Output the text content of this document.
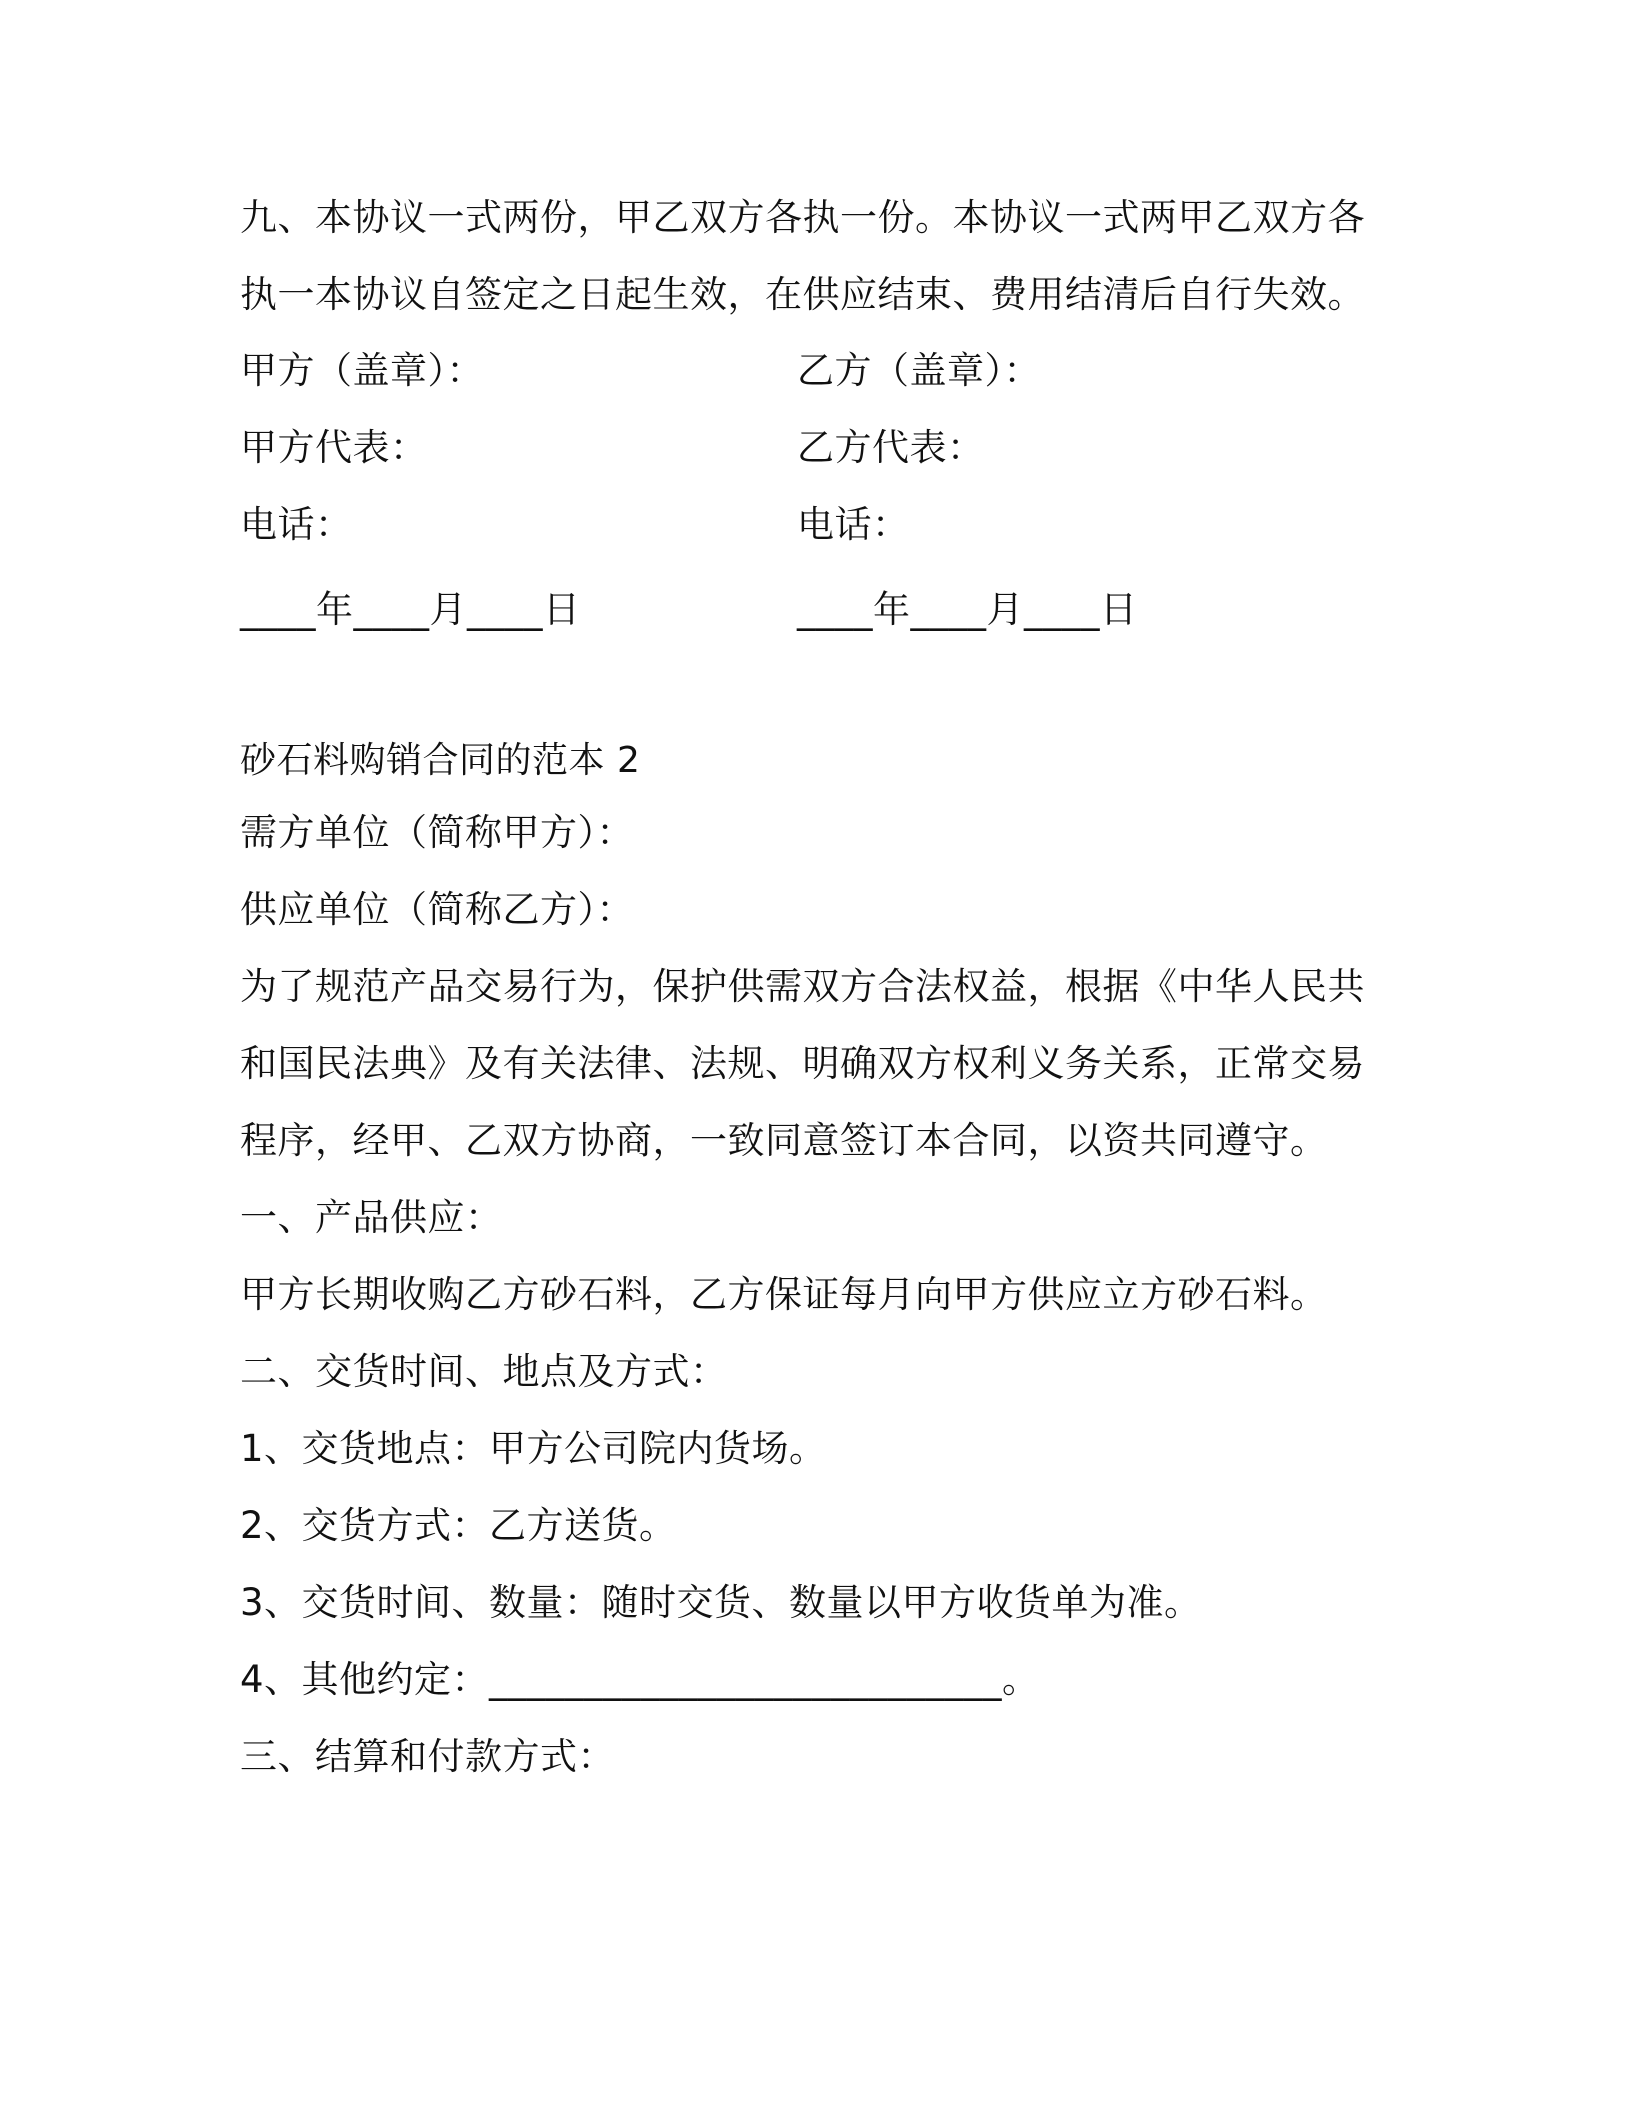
九、本协议一式两份，甲乙双方各执一份。本协议一式两甲乙双方各
执一本协议自签定之日起生效，在供应结束、费用结清后自行失效。
甲方（盖章）：	乙方（盖章）：
甲方代表：	乙方代表：
电话：	电话：
____年____月____日	____年____月____日
砂石料购销合同的范本 2
需方单位（简称甲方）：
供应单位（简称乙方）：
为了规范产品交易行为，保护供需双方合法权益，根据《中华人民共
和国民法典》及有关法律、法规、明确双方权利义务关系，正常交易
程序，经甲、乙双方协商，一致同意签订本合同，以资共同遵守。
一、产品供应：
甲方长期收购乙方砂石料，乙方保证每月向甲方供应立方砂石料。
二、交货时间、地点及方式：
1、交货地点：甲方公司院内货场。
2、交货方式：乙方送货。
3、交货时间、数量：随时交货、数量以甲方收货单为准。
4、其他约定：___________________________。
三、结算和付款方式：
